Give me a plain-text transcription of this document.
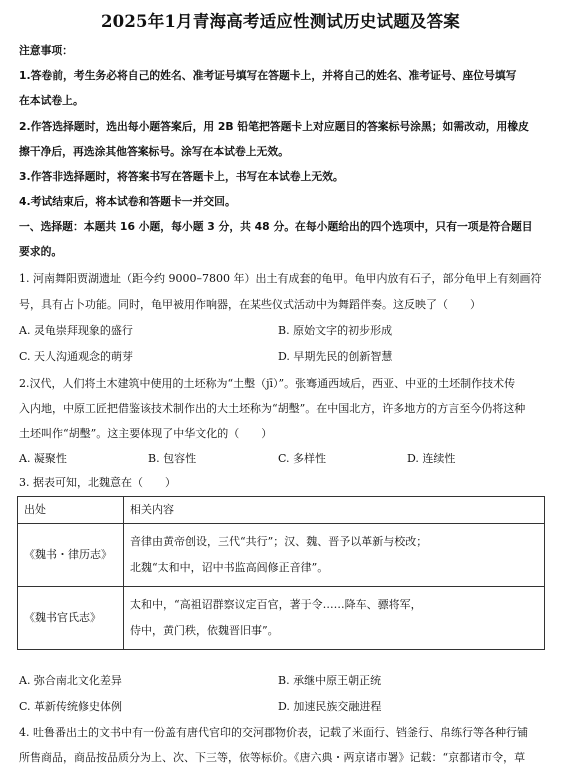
2025年1月青海高考适应性测试历史试题及答案
注意事项：
1.答卷前，考生务必将自己的姓名、准考证号填写在答题卡上，并将自己的姓名、准考证号、座位号填写
在本试卷上。
2.作答选择题时，选出每小题答案后，用 2B 铅笔把答题卡上对应题目的答案标号涂黑；如需改动，用橡皮
擦干净后，再选涂其他答案标号。涂写在本试卷上无效。
3.作答非选择题时，将答案书写在答题卡上，书写在本试卷上无效。
4.考试结束后，将本试卷和答题卡一并交回。
一、选择题：本题共 16 小题，每小题 3 分，共 48 分。在每小题给出的四个选项中，只有一项是符合题目
要求的。
1. 河南舞阳贾湖遗址（距今约 9000–7800 年）出土有成套的龟甲。龟甲内放有石子，部分龟甲上有刻画符
号，具有占卜功能。同时，龟甲被用作响器，在某些仪式活动中为舞蹈伴奏。这反映了（　　）
A. 灵龟崇拜现象的盛行	B. 原始文字的初步形成
C. 天人沟通观念的萌芽	D. 早期先民的创新智慧
2.汉代，人们将土木建筑中使用的土坯称为“土墼（jī）”。张骞通西域后，西亚、中亚的土坯制作技术传
入内地，中原工匠把借鉴该技术制作出的大土坯称为“胡墼”。在中国北方，许多地方的方言至今仍将这种
土坯叫作“胡墼”。这主要体现了中华文化的（　　）
A. 凝聚性	B. 包容性	C. 多样性	D. 连续性
3. 据表可知，北魏意在（　　）
出处	相关内容
《魏书・律历志》	音律由黄帝创设，三代“共行”；汉、魏、晋予以革新与校改；
北魏“太和中，诏中书监高闾修正音律”。

《魏书官氏志》	太和中，“高祖诏群察议定百官，著于令……降车、骠将军，
侍中，黄门秩，依魏晋旧事”。
A. 弥合南北文化差异	B. 承继中原王朝正统
C. 革新传统修史体例	D. 加速民族交融进程
4. 吐鲁番出土的文书中有一份盖有唐代官印的交河郡物价表，记载了米面行、铛釜行、帛练行等各种行铺
所售商品，商品按品质分为上、次、下三等，依等标价。《唐六典・两京诸市署》记载：“京都诸市令，草
